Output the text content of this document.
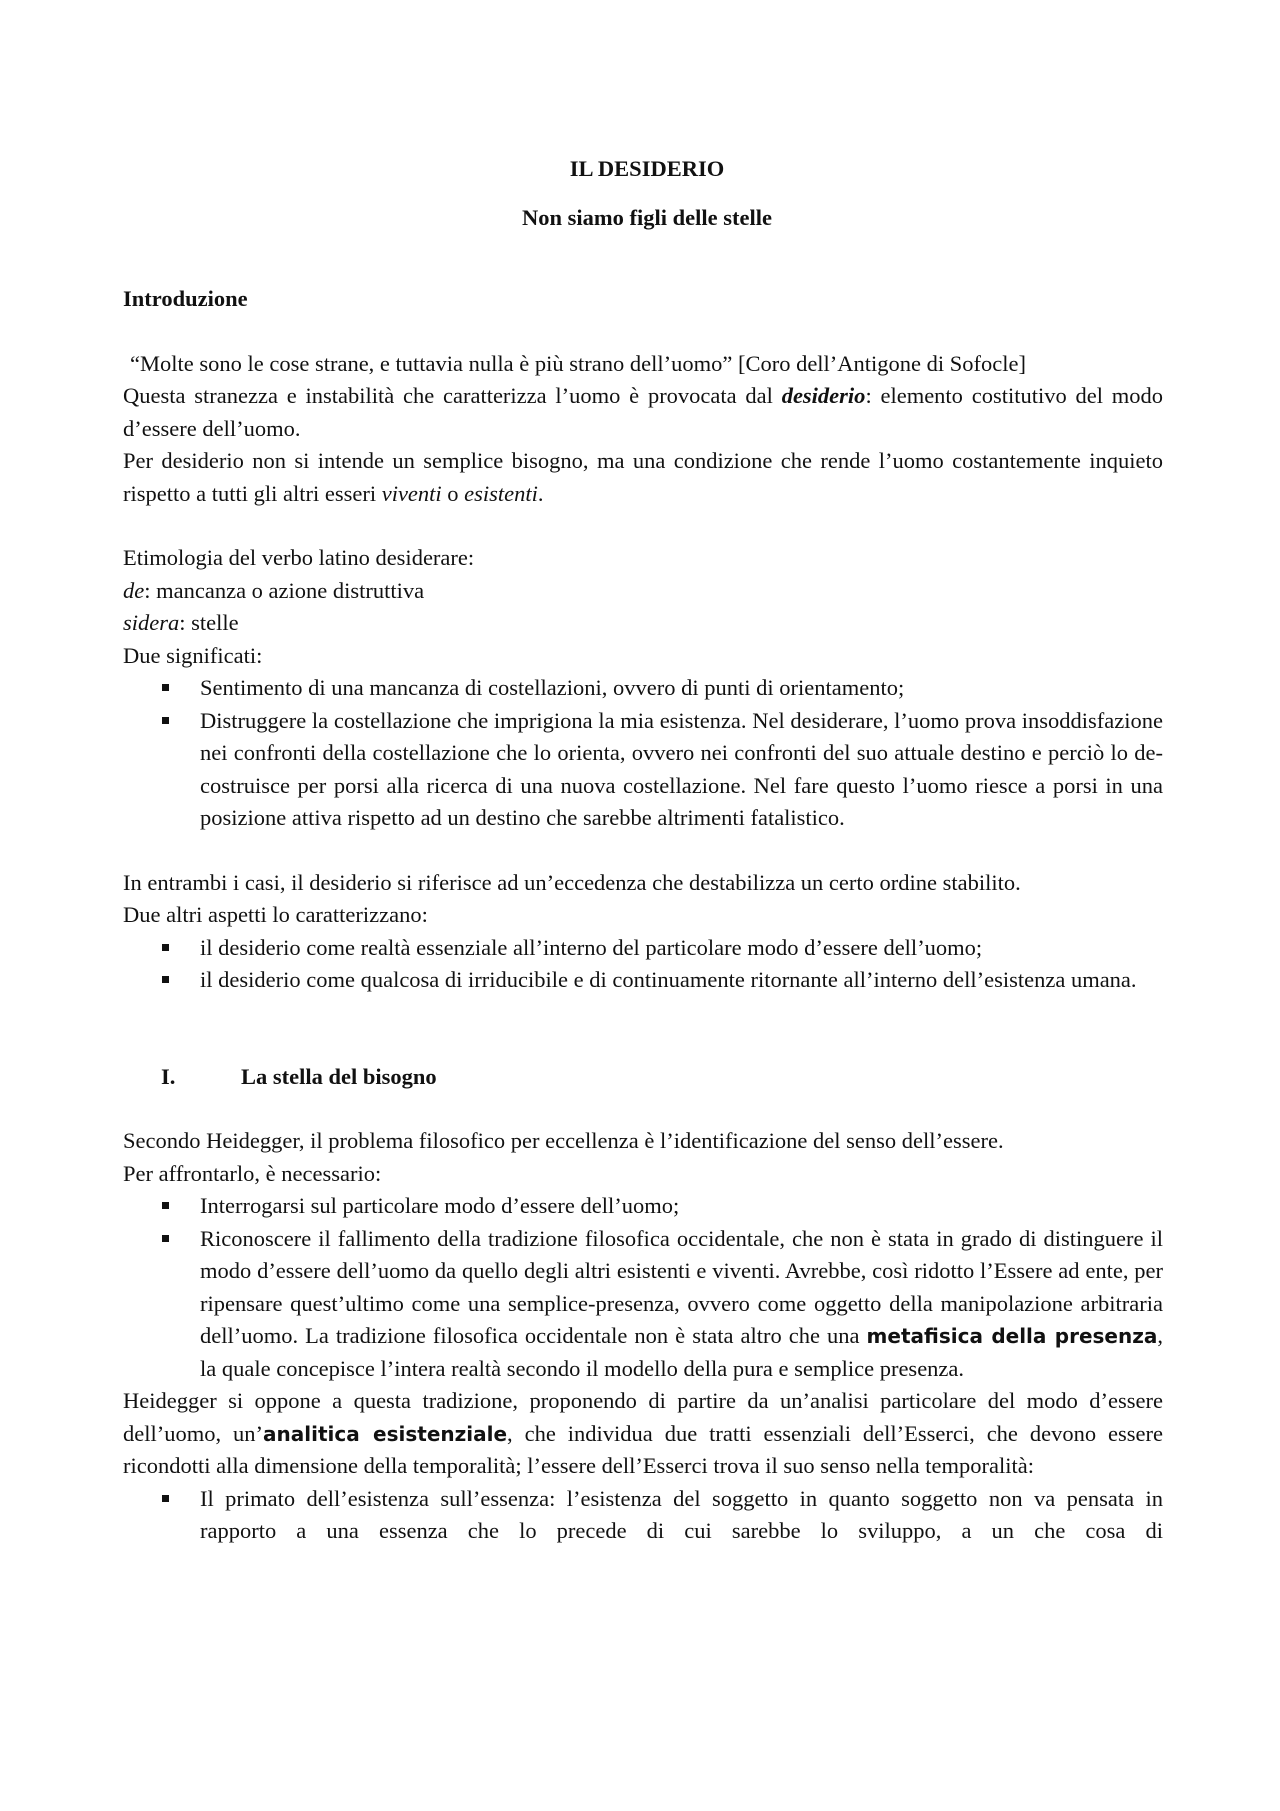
IL DESIDERIO
Non siamo figli delle stelle
Introduzione

“Molte sono le cose strane, e tuttavia nulla è più strano dell’uomo” [Coro dell’Antigone di Sofocle]

Questa stranezza e instabilità che caratterizza l’uomo è provocata dal desiderio: elemento costitutivo del modo d’essere dell’uomo.

Per desiderio non si intende un semplice bisogno, ma una condizione che rende l’uomo costantemente inquieto rispetto a tutti gli altri esseri viventi o esistenti.

Etimologia del verbo latino desiderare:

de: mancanza o azione distruttiva

sidera: stelle

Due significati:

Sentimento di una mancanza di costellazioni, ovvero di punti di orientamento;
Distruggere la costellazione che imprigiona la mia esistenza. Nel desiderare, l’uomo prova insoddisfazione nei confronti della costellazione che lo orienta, ovvero nei confronti del suo attuale destino e perciò lo de-costruisce per porsi alla ricerca di una nuova costellazione. Nel fare questo l’uomo riesce a porsi in una posizione attiva rispetto ad un destino che sarebbe altrimenti fatalistico.

In entrambi i casi, il desiderio si riferisce ad un’eccedenza che destabilizza un certo ordine stabilito.

Due altri aspetti lo caratterizzano:

il desiderio come realtà essenziale all’interno del particolare modo d’essere dell’uomo;
il desiderio come qualcosa di irriducibile e di continuamente ritornante all’interno dell’esistenza umana.
I.	La stella del bisogno

Secondo Heidegger, il problema filosofico per eccellenza è l’identificazione del senso dell’essere.

Per affrontarlo, è necessario:

Interrogarsi sul particolare modo d’essere dell’uomo;
Riconoscere il fallimento della tradizione filosofica occidentale, che non è stata in grado di distinguere il modo d’essere dell’uomo da quello degli altri esistenti e viventi. Avrebbe, così ridotto l’Essere ad ente, per ripensare quest’ultimo come una semplice-presenza, ovvero come oggetto della manipolazione arbitraria dell’uomo. La tradizione filosofica occidentale non è stata altro che una metafisica della presenza, la quale concepisce l’intera realtà secondo il modello della pura e semplice presenza.

Heidegger si oppone a questa tradizione, proponendo di partire da un’analisi particolare del modo d’essere dell’uomo, un’analitica esistenziale, che individua due tratti essenziali dell’Esserci, che devono essere ricondotti alla dimensione della temporalità; l’essere dell’Esserci trova il suo senso nella temporalità:

Il primato dell’esistenza sull’essenza: l’esistenza del soggetto in quanto soggetto non va pensata in rapporto a una essenza che lo precede di cui sarebbe lo sviluppo, a un che cosa di
